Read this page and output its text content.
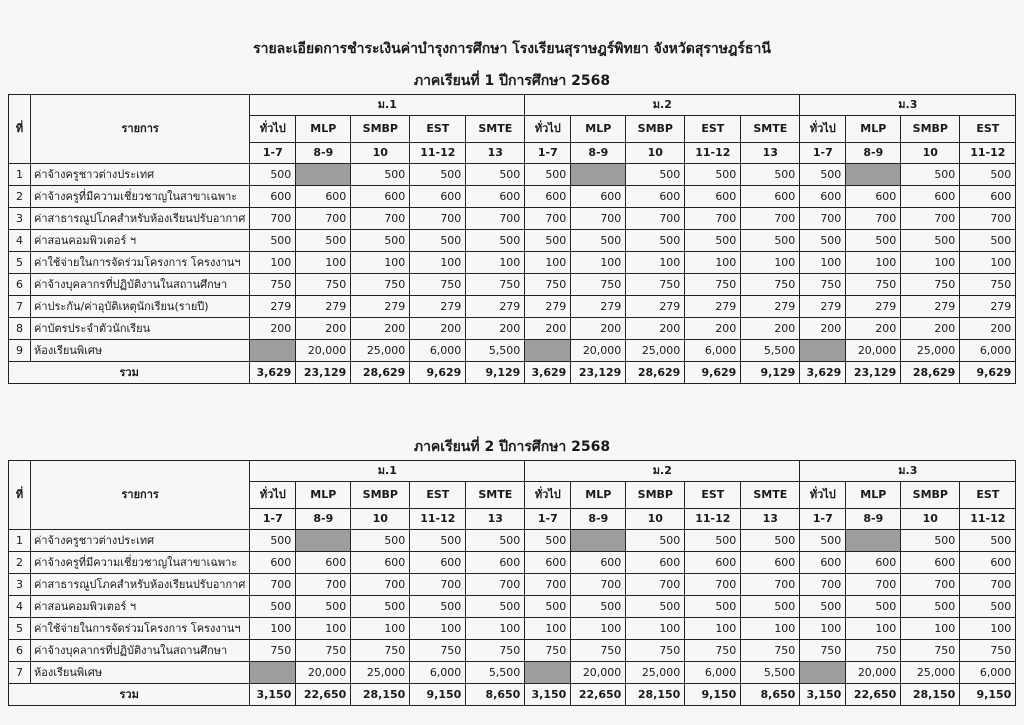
รายละเอียดการชำระเงินค่าบำรุงการศึกษา โรงเรียนสุราษฎร์พิทยา จังหวัดสุราษฎร์ธานี
ภาคเรียนที่ 1 ปีการศึกษา 2568
ที่	รายการ	ม.1					ม.2					ม.3			
		ทั่วไป	MLP	SMBP	EST	SMTE	ทั่วไป	MLP	SMBP	EST	SMTE	ทั่วไป	MLP	SMBP	EST
		1-7	8-9	10	11-12	13	1-7	8-9	10	11-12	13	1-7	8-9	10	11-12
1	ค่าจ้างครูชาวต่างประเทศ	500		500	500	500	500		500	500	500	500		500	500
2	ค่าจ้างครูที่มีความเชี่ยวชาญในสาขาเฉพาะ	600	600	600	600	600	600	600	600	600	600	600	600	600	600
3	ค่าสาธารณูปโภคสำหรับห้องเรียนปรับอากาศ	700	700	700	700	700	700	700	700	700	700	700	700	700	700
4	ค่าสอนคอมพิวเตอร์ ฯ	500	500	500	500	500	500	500	500	500	500	500	500	500	500
5	ค่าใช้จ่ายในการจัดร่วมโครงการ โครงงานฯ	100	100	100	100	100	100	100	100	100	100	100	100	100	100
6	ค่าจ้างบุคลากรที่ปฏิบัติงานในสถานศึกษา	750	750	750	750	750	750	750	750	750	750	750	750	750	750
7	ค่าประกัน/ค่าอุบัติเหตุนักเรียน(รายปี)	279	279	279	279	279	279	279	279	279	279	279	279	279	279
8	ค่าบัตรประจำตัวนักเรียน	200	200	200	200	200	200	200	200	200	200	200	200	200	200
9	ห้องเรียนพิเศษ		20,000	25,000	6,000	5,500		20,000	25,000	6,000	5,500		20,000	25,000	6,000
รวม		3,629	23,129	28,629	9,629	9,129	3,629	23,129	28,629	9,629	9,129	3,629	23,129	28,629	9,629
ภาคเรียนที่ 2 ปีการศึกษา 2568
ที่	รายการ	ม.1					ม.2					ม.3			
		ทั่วไป	MLP	SMBP	EST	SMTE	ทั่วไป	MLP	SMBP	EST	SMTE	ทั่วไป	MLP	SMBP	EST
		1-7	8-9	10	11-12	13	1-7	8-9	10	11-12	13	1-7	8-9	10	11-12
1	ค่าจ้างครูชาวต่างประเทศ	500		500	500	500	500		500	500	500	500		500	500
2	ค่าจ้างครูที่มีความเชี่ยวชาญในสาขาเฉพาะ	600	600	600	600	600	600	600	600	600	600	600	600	600	600
3	ค่าสาธารณูปโภคสำหรับห้องเรียนปรับอากาศ	700	700	700	700	700	700	700	700	700	700	700	700	700	700
4	ค่าสอนคอมพิวเตอร์ ฯ	500	500	500	500	500	500	500	500	500	500	500	500	500	500
5	ค่าใช้จ่ายในการจัดร่วมโครงการ โครงงานฯ	100	100	100	100	100	100	100	100	100	100	100	100	100	100
6	ค่าจ้างบุคลากรที่ปฏิบัติงานในสถานศึกษา	750	750	750	750	750	750	750	750	750	750	750	750	750	750
7	ห้องเรียนพิเศษ		20,000	25,000	6,000	5,500		20,000	25,000	6,000	5,500		20,000	25,000	6,000
รวม		3,150	22,650	28,150	9,150	8,650	3,150	22,650	28,150	9,150	8,650	3,150	22,650	28,150	9,150
